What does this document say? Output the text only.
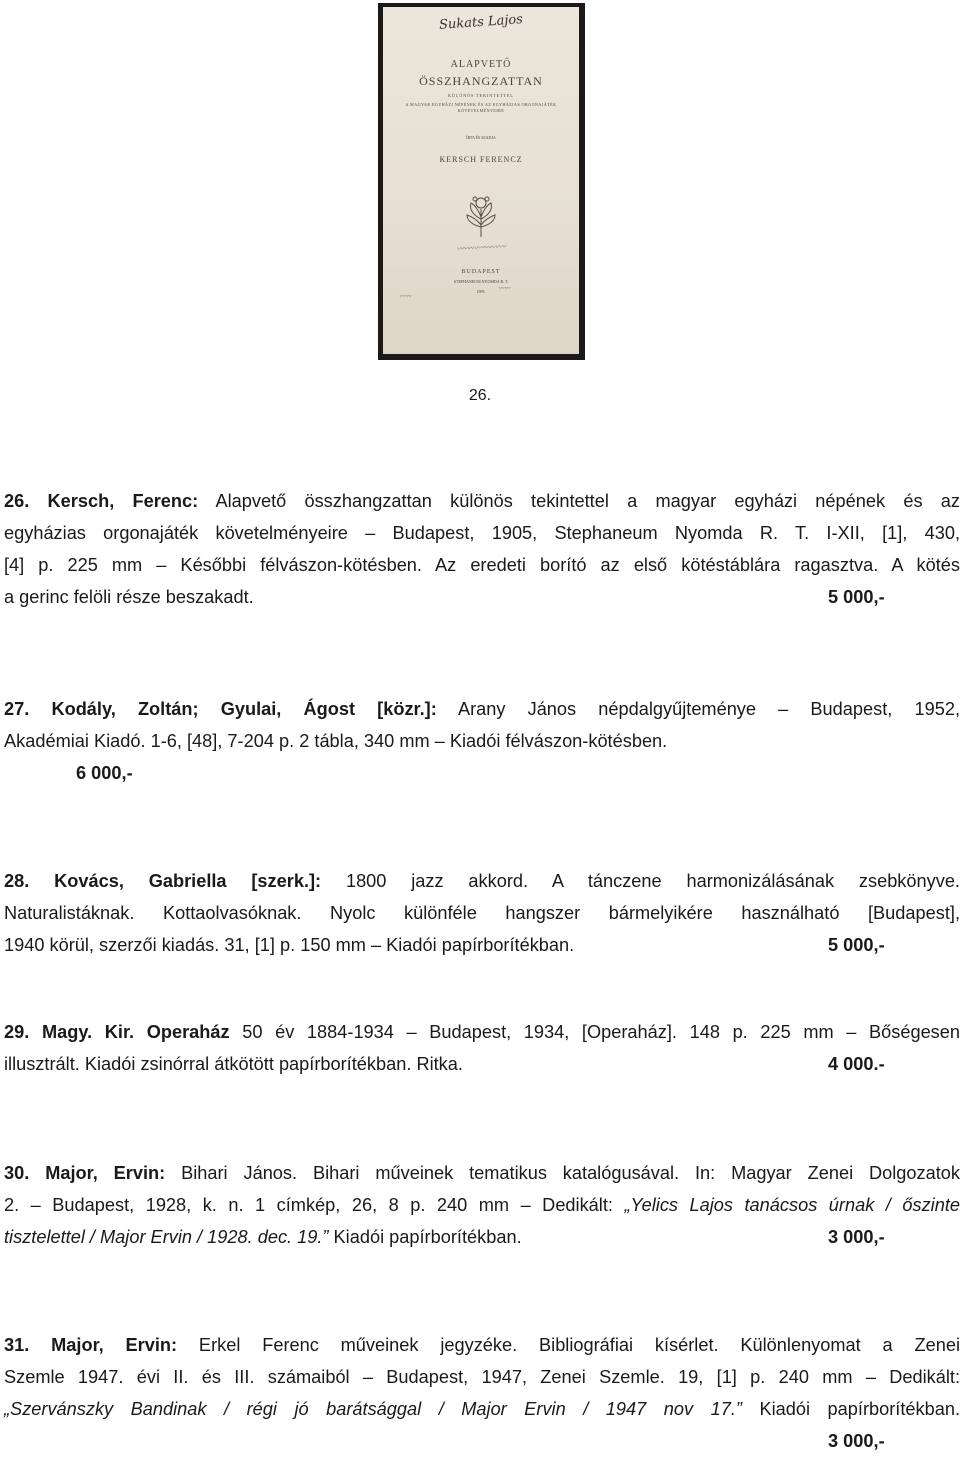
Sukats Lajos
ALAPVETŐ
ÖSSZHANGZATTAN
KÜLÖNÖS TEKINTETTEL
A MAGYAR EGYHÁZI NÉPÉNEK ÉS AZ EGYHÁZIAS ORGONAJÁTÉK KÖVETELMÉNYEIRE
ÍRTA ÉS KIADJA
KERSCH FERENCZ
〰〰〰〰〰〰〰
BUDAPEST
STEPHANEUM NYOMDA R. T.
1905.	〰〰
〰〰
26.
26. Kersch, Ferenc: Alapvető összhangzattan különös tekintettel a magyar egyházi népének és az
egyházias orgonajáték követelményeire – Budapest, 1905, Stephaneum Nyomda R. T. I-XII, [1], 430,
[4] p. 225 mm – Későbbi félvászon-kötésben. Az eredeti borító az első kötéstáblára ragasztva. A kötés
a gerinc felöli része beszakadt.	5 000,-
27. Kodály, Zoltán; Gyulai, Ágost [közr.]: Arany János népdalgyűjteménye – Budapest, 1952,
Akadémiai Kiadó. 1-6, [48], 7-204 p. 2 tábla, 340 mm – Kiadói félvászon-kötésben.
6 000,-
28. Kovács, Gabriella [szerk.]: 1800 jazz akkord. A tánczene harmonizálásának zsebkönyve.
Naturalistáknak. Kottaolvasóknak. Nyolc különféle hangszer bármelyikére használható [Budapest],
1940 körül, szerzői kiadás. 31, [1] p. 150 mm – Kiadói papírborítékban.	5 000,-
29. Magy. Kir. Operaház 50 év 1884-1934 – Budapest, 1934, [Operaház]. 148 p. 225 mm – Bőségesen
illusztrált. Kiadói zsinórral átkötött papírborítékban. Ritka.	4 000.-
30. Major, Ervin: Bihari János. Bihari műveinek tematikus katalógusával. In: Magyar Zenei Dolgozatok
2. – Budapest, 1928, k. n. 1 címkép, 26, 8 p. 240 mm – Dedikált: „Yelics Lajos tanácsos úrnak / őszinte
tisztelettel / Major Ervin / 1928. dec. 19.” Kiadói papírborítékban.	3 000,-
31. Major, Ervin: Erkel Ferenc műveinek jegyzéke. Bibliográfiai kísérlet. Különlenyomat a Zenei
Szemle 1947. évi II. és III. számaiból – Budapest, 1947, Zenei Szemle. 19, [1] p. 240 mm – Dedikált:
„Szervánszky Bandinak / régi jó barátsággal / Major Ervin / 1947 nov 17.” Kiadói papírborítékban.
3 000,-
